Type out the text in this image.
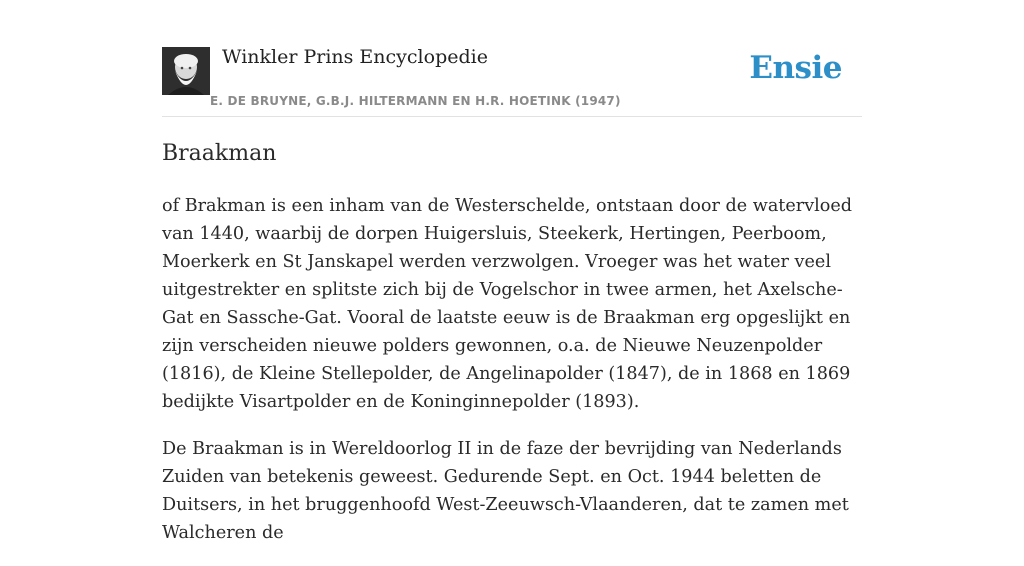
Winkler Prins Encyclopedie
E. DE BRUYNE, G.B.J. HILTERMANN EN H.R. HOETINK (1947)
Ensie
Braakman

of Brakman is een inham van de Westerschelde, ontstaan door de watervloed van 1440, waarbij de dorpen Huigersluis, Steekerk, Hertingen, Peerboom, Moerkerk en St Janskapel werden verzwolgen. Vroeger was het water veel uitgestrekter en splitste zich bij de Vogelschor in twee armen, het Axelsche-Gat en Sassche-Gat. Vooral de laatste eeuw is de Braakman erg opgeslijkt en zijn verscheiden nieuwe polders gewonnen, o.a. de Nieuwe Neuzenpolder (1816), de Kleine Stellepolder, de Angelinapolder (1847), de in 1868 en 1869 bedijkte Visartpolder en de Koninginnepolder (1893).

De Braakman is in Wereldoorlog II in de faze der bevrijding van Nederlands Zuiden van betekenis geweest. Gedurende Sept. en Oct. 1944 beletten de Duitsers, in het bruggenhoofd West-Zeeuwsch-Vlaanderen, dat te zamen met Walcheren de
